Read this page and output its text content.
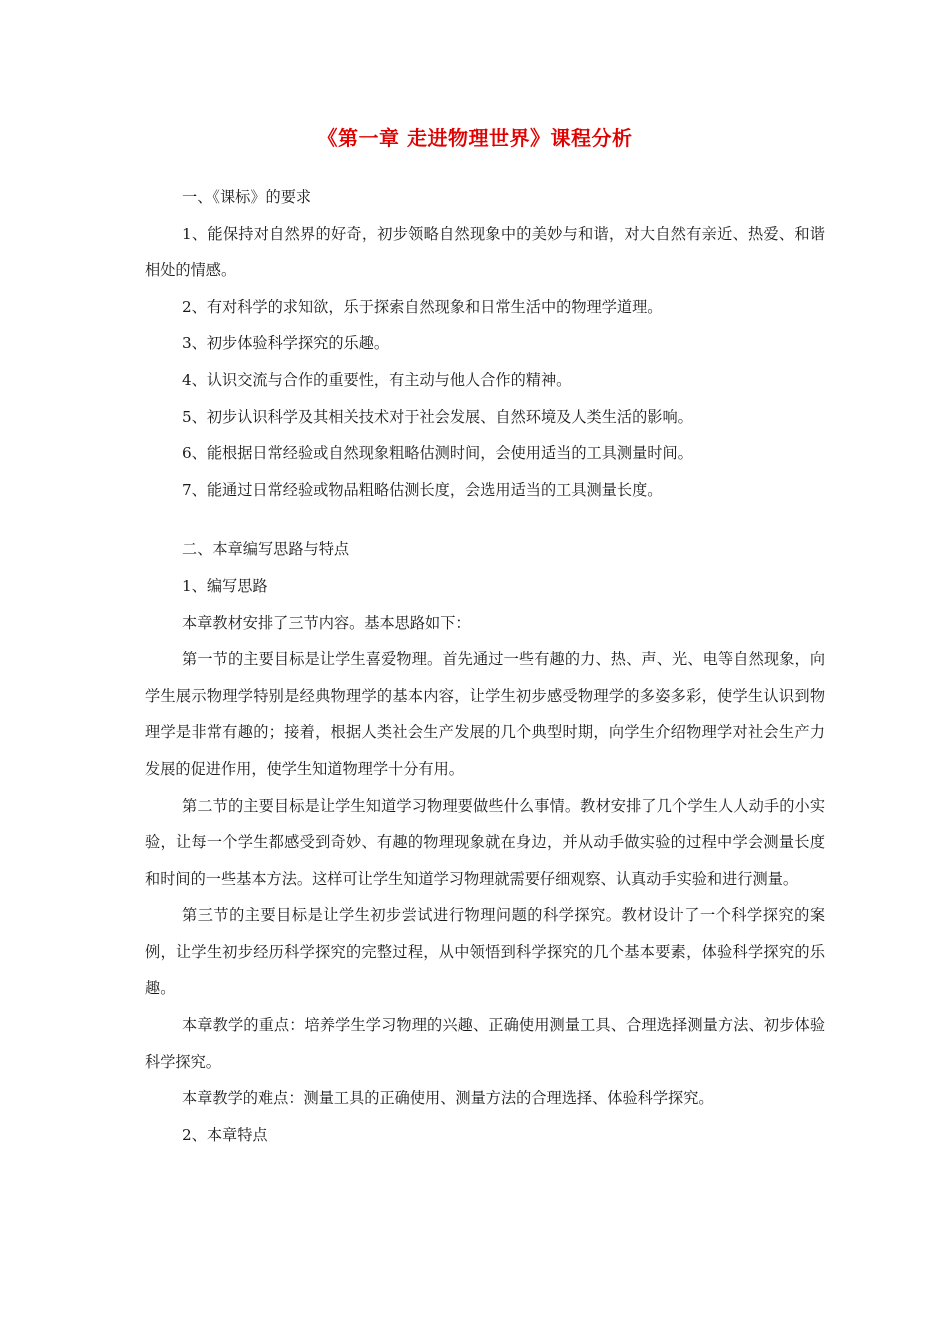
《第一章 走进物理世界》课程分析

一、《课标》的要求

1、能保持对自然界的好奇，初步领略自然现象中的美妙与和谐，对大自然有亲近、热爱、和谐相处的情感。

2、有对科学的求知欲，乐于探索自然现象和日常生活中的物理学道理。

3、初步体验科学探究的乐趣。

4、认识交流与合作的重要性，有主动与他人合作的精神。

5、初步认识科学及其相关技术对于社会发展、自然环境及人类生活的影响。

6、能根据日常经验或自然现象粗略估测时间，会使用适当的工具测量时间。

7、能通过日常经验或物品粗略估测长度，会选用适当的工具测量长度。

二、本章编写思路与特点

1、编写思路

本章教材安排了三节内容。基本思路如下：

第一节的主要目标是让学生喜爱物理。首先通过一些有趣的力、热、声、光、电等自然现象，向学生展示物理学特别是经典物理学的基本内容，让学生初步感受物理学的多姿多彩，使学生认识到物理学是非常有趣的；接着，根据人类社会生产发展的几个典型时期，向学生介绍物理学对社会生产力发展的促进作用，使学生知道物理学十分有用。

第二节的主要目标是让学生知道学习物理要做些什么事情。教材安排了几个学生人人动手的小实验，让每一个学生都感受到奇妙、有趣的物理现象就在身边，并从动手做实验的过程中学会测量长度和时间的一些基本方法。这样可让学生知道学习物理就需要仔细观察、认真动手实验和进行测量。

第三节的主要目标是让学生初步尝试进行物理问题的科学探究。教材设计了一个科学探究的案例，让学生初步经历科学探究的完整过程，从中领悟到科学探究的几个基本要素，体验科学探究的乐趣。

本章教学的重点：培养学生学习物理的兴趣、正确使用测量工具、合理选择测量方法、初步体验科学探究。

本章教学的难点：测量工具的正确使用、测量方法的合理选择、体验科学探究。

2、本章特点
